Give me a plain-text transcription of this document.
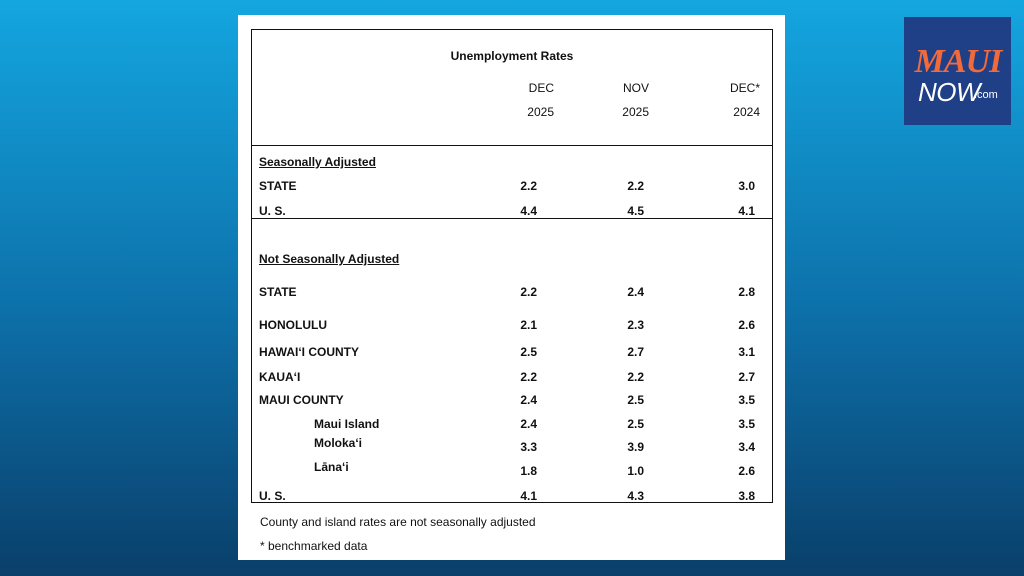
Unemployment Rates
DEC	NOV	DEC*
2025	2025	2024
Seasonally Adjusted
STATE	2.2	2.2	3.0
U. S.	4.4	4.5	4.1
Not Seasonally Adjusted
STATE	2.2	2.4	2.8
HONOLULU	2.1	2.3	2.6
HAWAI‘I COUNTY	2.5	2.7	3.1
KAUA‘I	2.2	2.2	2.7
MAUI COUNTY	2.4	2.5	3.5
Maui Island	2.4	2.5	3.5
Moloka‘i	3.3	3.9	3.4
Lāna‘i	1.8	1.0	2.6
U. S.	4.1	4.3	3.8
County and island rates are not seasonally adjusted
* benchmarked data
MAUI
NOW
.com
